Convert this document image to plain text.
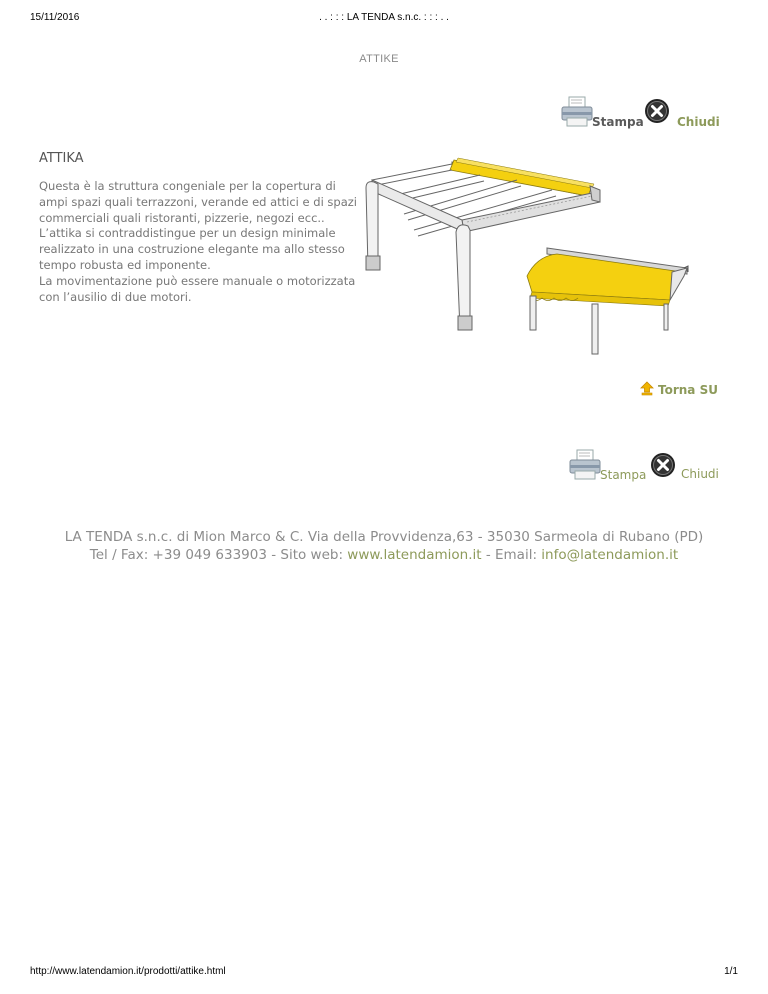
15/11/2016	. . : : : LA TENDA s.n.c. : : : . .
ATTIKE
Stampa	Chiudi
ATTIKA
Questa è la struttura congeniale per la copertura di
ampi spazi quali terrazzoni, verande ed attici e di spazi
commerciali quali ristoranti, pizzerie, negozi ecc..
L’attika si contraddistingue per un design minimale
realizzato in una costruzione elegante ma allo stesso
tempo robusta ed imponente.
La movimentazione può essere manuale o motorizzata
con l’ausilio di due motori.
Torna SU
Stampa	Chiudi
LA TENDA s.n.c. di Mion Marco & C. Via della Provvidenza,63 - 35030 Sarmeola di Rubano (PD)
Tel / Fax: +39 049 633903 - Sito web: www.latendamion.it - Email: info@latendamion.it
http://www.latendamion.it/prodotti/attike.html	1/1
